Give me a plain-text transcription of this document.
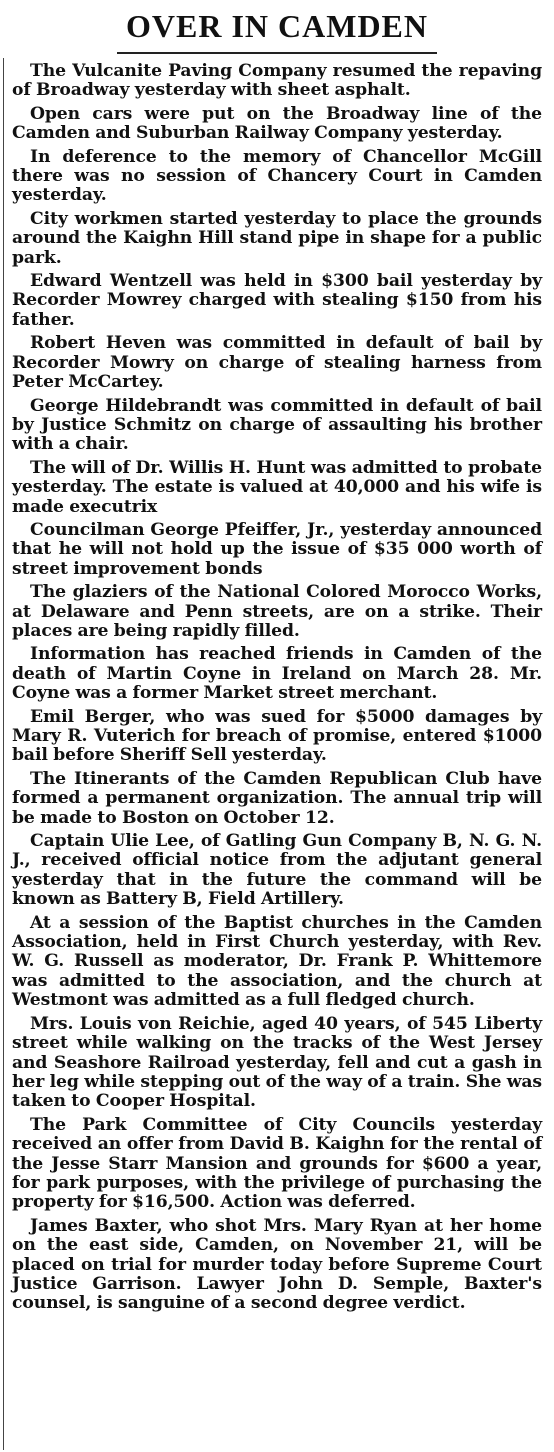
OVER IN CAMDEN

The Vulcanite Paving Company resumed the repaving of Broadway yesterday with sheet asphalt.

Open cars were put on the Broadway line of the Camden and Suburban Railway Company yesterday.

In deference to the memory of Chancellor McGill there was no session of Chancery Court in Camden yesterday.

City workmen started yesterday to place the grounds around the Kaighn Hill stand pipe in shape for a public park.

Edward Wentzell was held in $300 bail yesterday by Recorder Mowrey charged with stealing $150 from his father.

Robert Heven was committed in default of bail by Recorder Mowry on charge of stealing harness from Peter McCartey.

George Hildebrandt was committed in default of bail by Justice Schmitz on charge of assaulting his brother with a chair.

The will of Dr. Willis H. Hunt was admitted to probate yesterday. The estate is valued at 40,000 and his wife is made executrix

Councilman George Pfeiffer, Jr., yesterday announced that he will not hold up the issue of $35 000 worth of street improvement bonds

The glaziers of the National Colored Morocco Works, at Delaware and Penn streets, are on a strike. Their places are being rapidly filled.

Information has reached friends in Camden of the death of Martin Coyne in Ireland on March 28. Mr. Coyne was a former Market street merchant.

Emil Berger, who was sued for $5000 damages by Mary R. Vuterich for breach of promise, entered $1000 bail before Sheriff Sell yesterday.

The Itinerants of the Camden Republican Club have formed a permanent organization. The annual trip will be made to Boston on October 12.

Captain Ulie Lee, of Gatling Gun Company B, N. G. N. J., received official notice from the adjutant general yesterday that in the future the command will be known as Battery B, Field Artillery.

At a session of the Baptist churches in the Camden Association, held in First Church yesterday, with Rev. W. G. Russell as moderator, Dr. Frank P. Whittemore was admitted to the association, and the church at Westmont was admitted as a full fledged church.

Mrs. Louis von Reichie, aged 40 years, of 545 Liberty street while walking on the tracks of the West Jersey and Seashore Railroad yesterday, fell and cut a gash in her leg while stepping out of the way of a train. She was taken to Cooper Hospital.

The Park Committee of City Councils yesterday received an offer from David B. Kaighn for the rental of the Jesse Starr Mansion and grounds for $600 a year, for park purposes, with the privilege of purchasing the property for $16,500. Action was deferred.

James Baxter, who shot Mrs. Mary Ryan at her home on the east side, Camden, on November 21, will be placed on trial for murder today before Supreme Court Justice Garrison. Lawyer John D. Semple, Baxter's counsel, is sanguine of a second degree verdict.
